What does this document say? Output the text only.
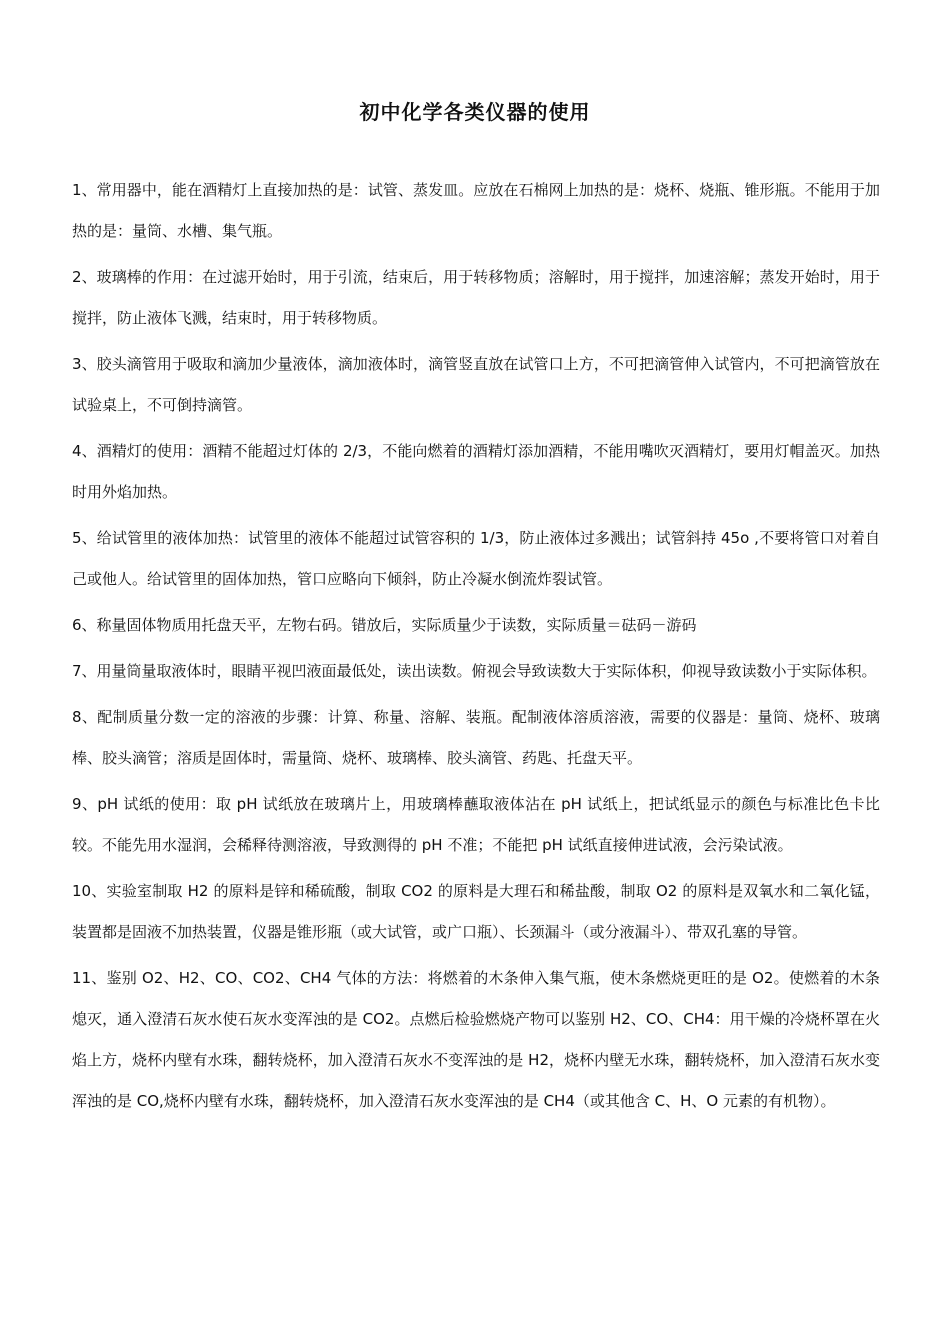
初中化学各类仪器的使用

1、常用器中，能在酒精灯上直接加热的是：试管、蒸发皿。应放在石棉网上加热的是：烧杯、烧瓶、锥形瓶。不能用于加热的是：量筒、水槽、集气瓶。

2、玻璃棒的作用：在过滤开始时，用于引流，结束后，用于转移物质；溶解时，用于搅拌，加速溶解；蒸发开始时，用于搅拌，防止液体飞溅，结束时，用于转移物质。

3、胶头滴管用于吸取和滴加少量液体，滴加液体时，滴管竖直放在试管口上方，不可把滴管伸入试管内，不可把滴管放在试验桌上，不可倒持滴管。

4、酒精灯的使用：酒精不能超过灯体的 2/3，不能向燃着的酒精灯添加酒精，不能用嘴吹灭酒精灯，要用灯帽盖灭。加热时用外焰加热。

5、给试管里的液体加热：试管里的液体不能超过试管容积的 1/3，防止液体过多溅出；试管斜持 45o ,不要将管口对着自己或他人。给试管里的固体加热，管口应略向下倾斜，防止冷凝水倒流炸裂试管。

6、称量固体物质用托盘天平，左物右码。错放后，实际质量少于读数，实际质量＝砝码－游码

7、用量筒量取液体时，眼睛平视凹液面最低处，读出读数。俯视会导致读数大于实际体积，仰视导致读数小于实际体积。

8、配制质量分数一定的溶液的步骤：计算、称量、溶解、装瓶。配制液体溶质溶液，需要的仪器是：量筒、烧杯、玻璃棒、胶头滴管；溶质是固体时，需量筒、烧杯、玻璃棒、胶头滴管、药匙、托盘天平。

9、pH 试纸的使用：取 pH 试纸放在玻璃片上，用玻璃棒蘸取液体沾在 pH 试纸上，把试纸显示的颜色与标准比色卡比较。不能先用水湿润，会稀释待测溶液，导致测得的 pH 不准；不能把 pH 试纸直接伸进试液，会污染试液。

10、实验室制取 H2 的原料是锌和稀硫酸，制取 CO2 的原料是大理石和稀盐酸，制取 O2 的原料是双氧水和二氧化锰，装置都是固液不加热装置，仪器是锥形瓶（或大试管，或广口瓶）、长颈漏斗（或分液漏斗）、带双孔塞的导管。

11、鉴别 O2、H2、CO、CO2、CH4 气体的方法：将燃着的木条伸入集气瓶，使木条燃烧更旺的是 O2。使燃着的木条熄灭，通入澄清石灰水使石灰水变浑浊的是 CO2。点燃后检验燃烧产物可以鉴别 H2、CO、CH4：用干燥的冷烧杯罩在火焰上方，烧杯内壁有水珠，翻转烧杯，加入澄清石灰水不变浑浊的是 H2，烧杯内壁无水珠，翻转烧杯，加入澄清石灰水变浑浊的是 CO,烧杯内壁有水珠，翻转烧杯，加入澄清石灰水变浑浊的是 CH4（或其他含 C、H、O 元素的有机物）。
